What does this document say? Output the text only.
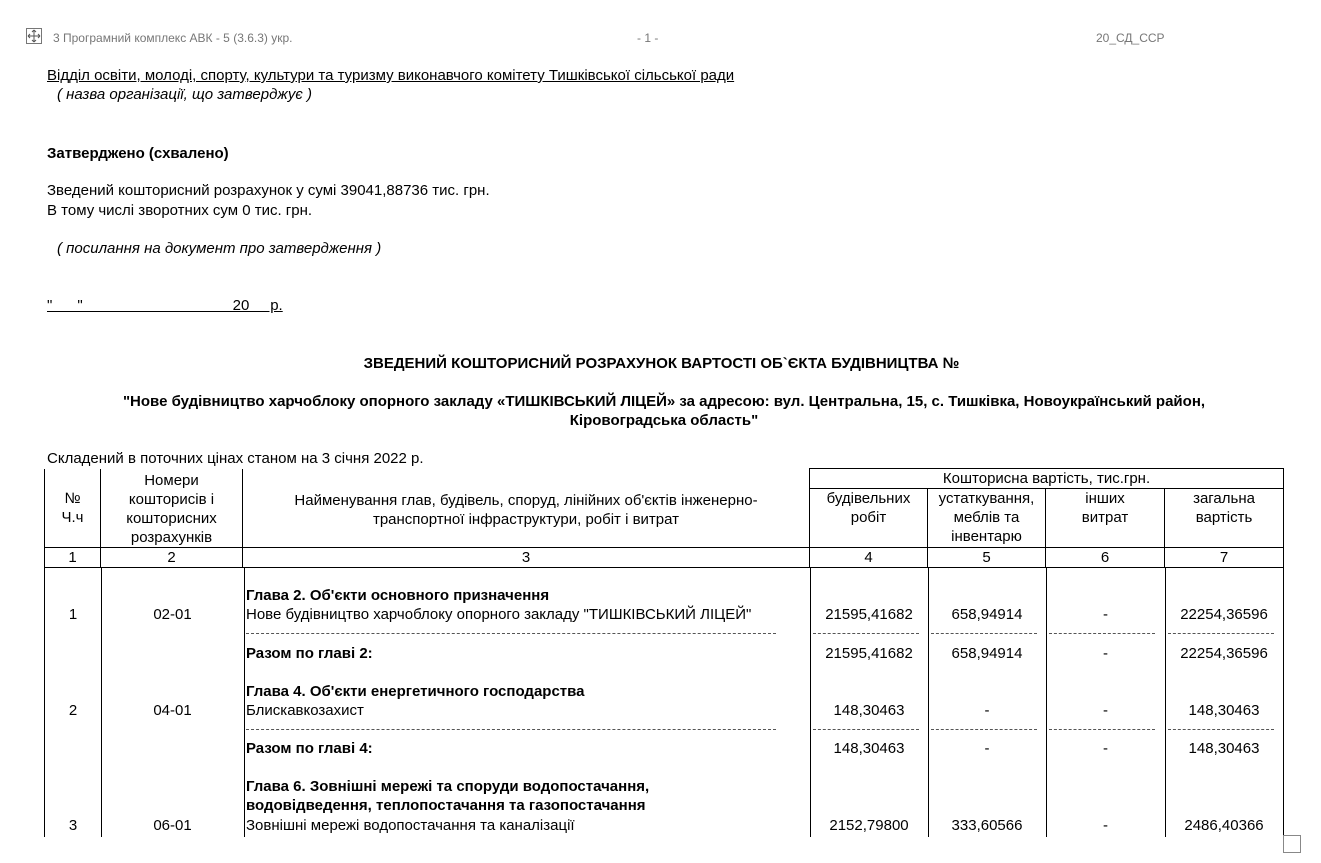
3 Програмний комплекс АВК - 5 (3.6.3) укр.	- 1 -	20_СД_ССР
Відділ освіти, молоді, спорту, культури та туризму виконавчого комітету Тишківської сільської ради
( назва організації, що затверджує )
Затверджено (схвалено)
Зведений кошторисний розрахунок у сумі 39041,88736 тис. грн.
В тому числі зворотних сум 0 тис. грн.
( посилання на документ про затвердження )
"      "                                    20     р.
ЗВЕДЕНИЙ КОШТОРИСНИЙ РОЗРАХУНОК ВАРТОСТІ ОБ`ЄКТА БУДІВНИЦТВА №
"Нове будівництво харчоблоку опорного закладу «ТИШКІВСЬКИЙ ЛІЦЕЙ» за адресою: вул. Центральна, 15, с. Тишківка, Новоукраїнський район,
Кіровоградська область"
Складений в поточних цінах станом на 3 січня 2022 р.
№ Ч.ч	Номери кошторисів і кошторисних розрахунків	Найменування глав, будівель, споруд, лінійних об'єктів інженерно-транспортної інфраструктури, робіт і витрат	Кошторисна вартість, тис.грн.			

			будівельних робіт	устаткування, меблів та інвентарю	інших витрат	загальна вартість

1	2	3	4	5	6	7
Глава 2. Об'єкти основного призначення
1	02-01	Нове будівництво харчоблоку опорного закладу "ТИШКІВСЬКИЙ ЛІЦЕЙ"	21595,41682	658,94914	-	22254,36596
Разом по главі 2:	21595,41682	658,94914	-	22254,36596
Глава 4. Об'єкти енергетичного господарства
2	04-01	Блискавкозахист	148,30463	-	-	148,30463
Разом по главі 4:	148,30463	-	-	148,30463
Глава 6. Зовнішні мережі та споруди водопостачання,
водовідведення, теплопостачання та газопостачання
3	06-01	Зовнішні мережі водопостачання та каналізації	2152,79800	333,60566	-	2486,40366
